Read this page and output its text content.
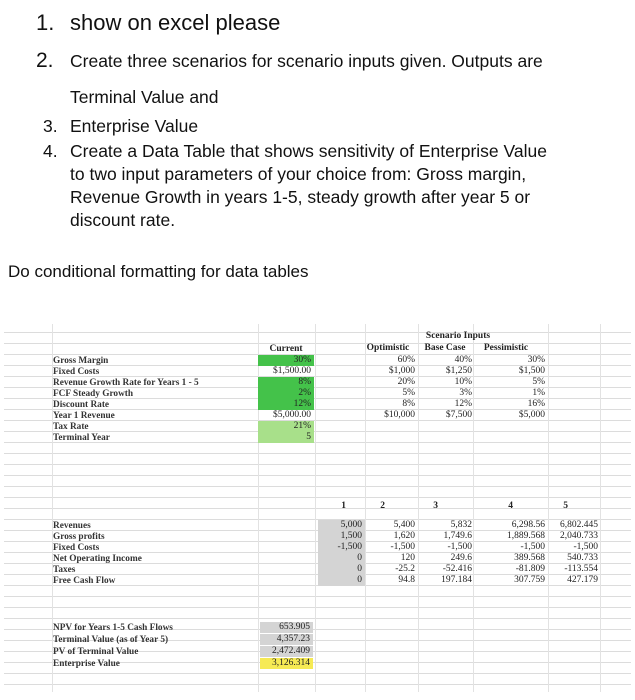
1. show on excel please
2. Create three scenarios for scenario inputs given. Outputs are
Terminal Value and
3. Enterprise Value
4. Create a Data Table that shows sensitivity of Enterprise Value
to two input parameters of your choice from: Gross margin,
Revenue Growth in years 1-5, steady growth after year 5 or
discount rate.
Do conditional formatting for data tables
Current
Scenario Inputs
Optimistic	Base Case	Pessimistic
Gross Margin	30%	60%	40%	30%
Fixed Costs	$1,500.00	$1,000	$1,250	$1,500
Revenue Growth Rate for Years 1 - 5	8%	20%	10%	5%
FCF Steady Growth	2%	5%	3%	1%
Discount Rate	12%	8%	12%	16%
Year 1 Revenue	$5,000.00	$10,000	$7,500	$5,000
Tax Rate	21%
Terminal Year	5
1	2	3	4	5
Revenues	5,000	5,400	5,832	6,298.56	6,802.445
Gross profits	1,500	1,620	1,749.6	1,889.568	2,040.733
Fixed Costs	-1,500	-1,500	-1,500	-1,500	-1,500
Net Operating Income	0	120	249.6	389.568	540.733
Taxes	0	-25.2	-52.416	-81.809	-113.554
Free Cash Flow	0	94.8	197.184	307.759	427.179
NPV for Years 1-5 Cash Flows	653.905
Terminal Value (as of Year 5)	4,357.23
PV of Terminal Value	2,472.409
Enterprise Value	3,126.314
